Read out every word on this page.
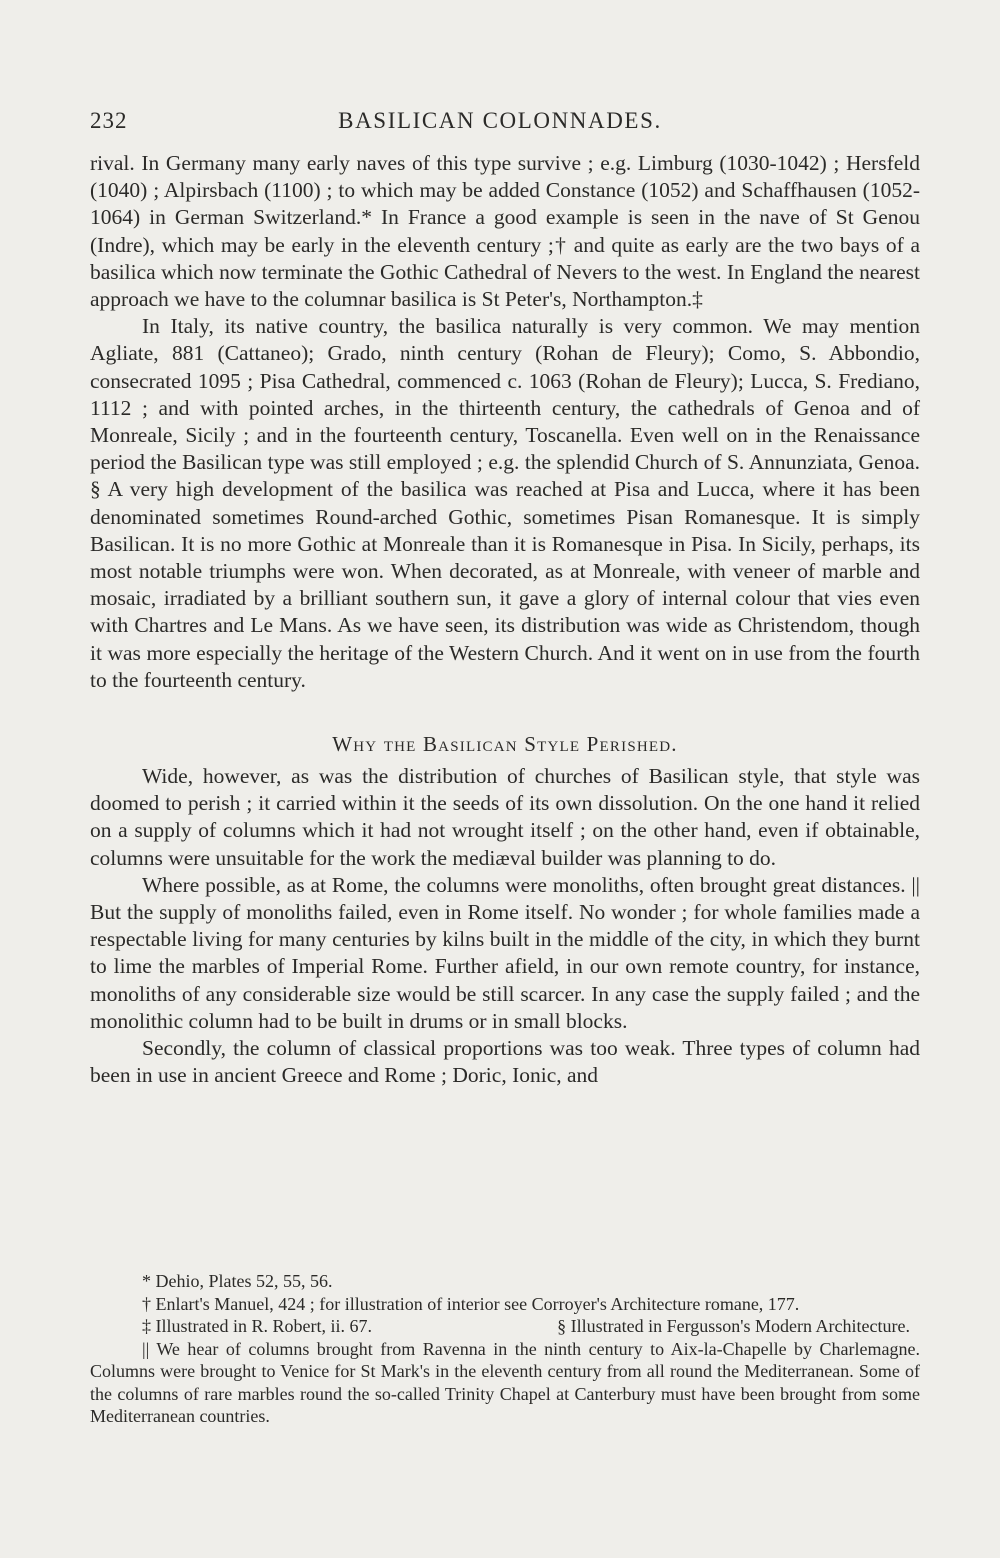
232	BASILICAN COLONNADES.

rival. In Germany many early naves of this type survive ; e.g. Limburg (1030-1042) ; Hersfeld (1040) ; Alpirsbach (1100) ; to which may be added Constance (1052) and Schaffhausen (1052-1064) in German Switzerland.* In France a good example is seen in the nave of St Genou (Indre), which may be early in the eleventh century ;† and quite as early are the two bays of a basilica which now terminate the Gothic Cathedral of Nevers to the west. In England the nearest approach we have to the columnar basilica is St Peter's, Northampton.‡

In Italy, its native country, the basilica naturally is very common. We may mention Agliate, 881 (Cattaneo); Grado, ninth century (Rohan de Fleury); Como, S. Abbondio, consecrated 1095 ; Pisa Cathedral, commenced c. 1063 (Rohan de Fleury); Lucca, S. Frediano, 1112 ; and with pointed arches, in the thirteenth century, the cathedrals of Genoa and of Monreale, Sicily ; and in the fourteenth century, Toscanella. Even well on in the Renaissance period the Basilican type was still employed ; e.g. the splendid Church of S. Annunziata, Genoa. § A very high development of the basilica was reached at Pisa and Lucca, where it has been denominated sometimes Round-arched Gothic, sometimes Pisan Romanesque. It is simply Basilican. It is no more Gothic at Monreale than it is Romanesque in Pisa. In Sicily, perhaps, its most notable triumphs were won. When decorated, as at Monreale, with veneer of marble and mosaic, irradiated by a brilliant southern sun, it gave a glory of internal colour that vies even with Chartres and Le Mans. As we have seen, its distribution was wide as Christendom, though it was more especially the heritage of the Western Church. And it went on in use from the fourth to the fourteenth century.

Why the Basilican Style Perished.

Wide, however, as was the distribution of churches of Basilican style, that style was doomed to perish ; it carried within it the seeds of its own dissolution. On the one hand it relied on a supply of columns which it had not wrought itself ; on the other hand, even if obtainable, columns were unsuitable for the work the mediæval builder was planning to do.

Where possible, as at Rome, the columns were monoliths, often brought great distances. || But the supply of monoliths failed, even in Rome itself. No wonder ; for whole families made a respectable living for many centuries by kilns built in the middle of the city, in which they burnt to lime the marbles of Imperial Rome. Further afield, in our own remote country, for instance, monoliths of any considerable size would be still scarcer. In any case the supply failed ; and the monolithic column had to be built in drums or in small blocks.

Secondly, the column of classical proportions was too weak. Three types of column had been in use in ancient Greece and Rome ; Doric, Ionic, and

* Dehio, Plates 52, 55, 56.

† Enlart's Manuel, 424 ; for illustration of interior see Corroyer's Architecture romane, 177.

‡ Illustrated in R. Robert, ii. 67.	§ Illustrated in Fergusson's Modern Architecture.

|| We hear of columns brought from Ravenna in the ninth century to Aix-la-Chapelle by Charlemagne. Columns were brought to Venice for St Mark's in the eleventh century from all round the Mediterranean. Some of the columns of rare marbles round the so-called Trinity Chapel at Canterbury must have been brought from some Mediterranean countries.
